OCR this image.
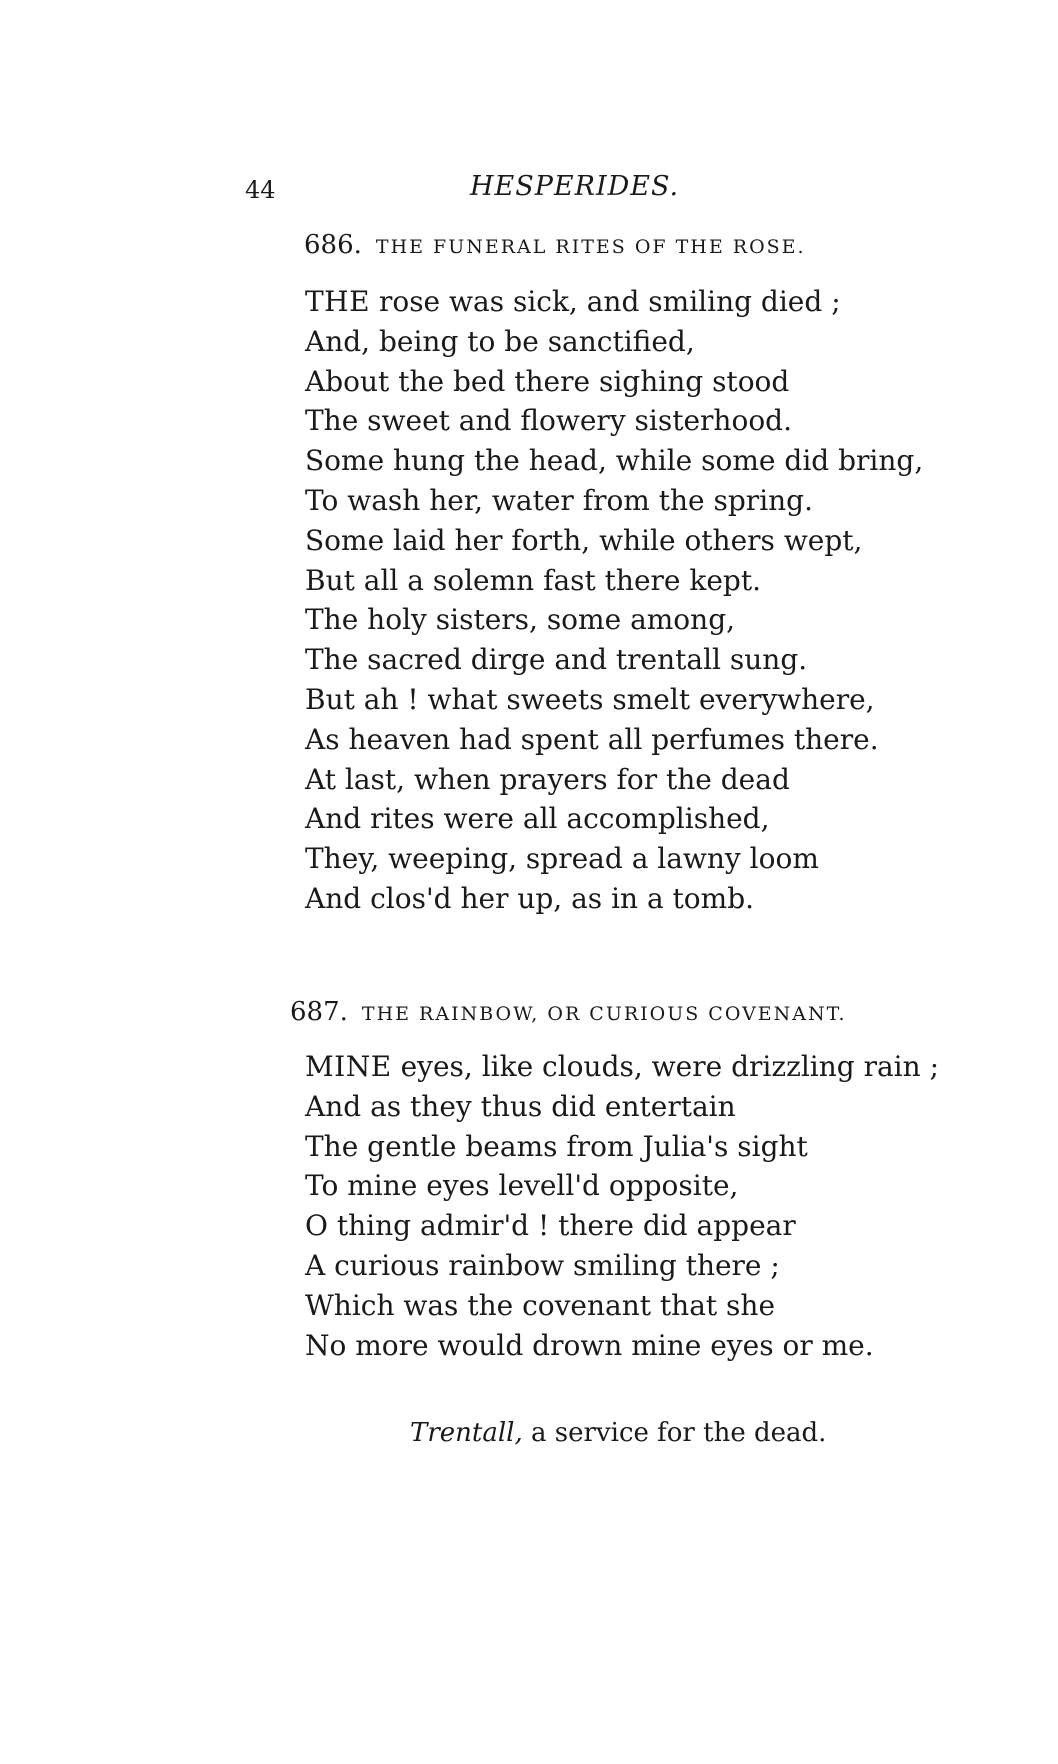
44	HESPERIDES.
686. THE FUNERAL RITES OF THE ROSE.
THE rose was sick, and smiling died ;
And, being to be sanctified,
About the bed there sighing stood
The sweet and flowery sisterhood.
Some hung the head, while some did bring,
To wash her, water from the spring.
Some laid her forth, while others wept,
But all a solemn fast there kept.
The holy sisters, some among,
The sacred dirge and trentall sung.
But ah ! what sweets smelt everywhere,
As heaven had spent all perfumes there.
At last, when prayers for the dead
And rites were all accomplished,
They, weeping, spread a lawny loom
And clos'd her up, as in a tomb.
687. THE RAINBOW, OR CURIOUS COVENANT.
MINE eyes, like clouds, were drizzling rain ;
And as they thus did entertain
The gentle beams from Julia's sight
To mine eyes levell'd opposite,
O thing admir'd ! there did appear
A curious rainbow smiling there ;
Which was the covenant that she
No more would drown mine eyes or me.
Trentall, a service for the dead.
